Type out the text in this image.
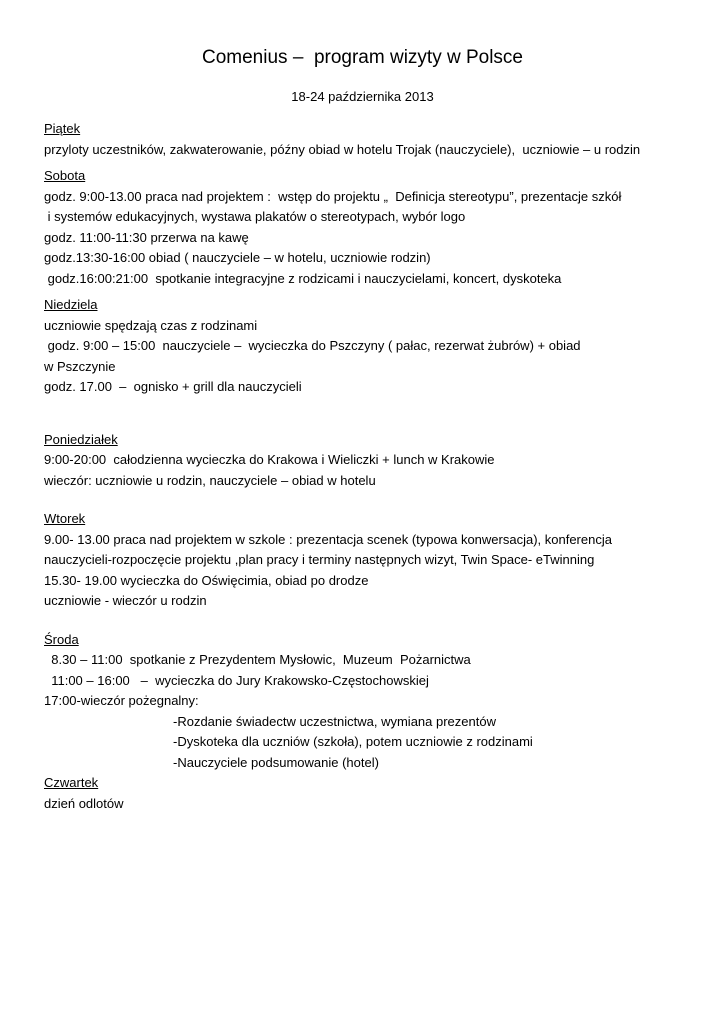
Comenius –  program wizyty w Polsce
18-24 października 2013
Piątek
przyloty uczestników, zakwaterowanie, późny obiad w hotelu Trojak (nauczyciele),  uczniowie – u rodzin
Sobota
godz. 9:00-13.00 praca nad projektem :  wstęp do projektu „  Definicja stereotypu”, prezentacje szkół
i systemów edukacyjnych, wystawa plakatów o stereotypach, wybór logo
godz. 11:00-11:30 przerwa na kawę
godz.13:30-16:00 obiad ( nauczyciele – w hotelu, uczniowie rodzin)
godz.16:00:21:00  spotkanie integracyjne z rodzicami i nauczycielami, koncert, dyskoteka
Niedziela
uczniowie spędzają czas z rodzinami
godz. 9:00 – 15:00  nauczyciele –  wycieczka do Pszczyny ( pałac, rezerwat żubrów) + obiad
w Pszczynie
godz. 17.00  –  ognisko + grill dla nauczycieli
Poniedziałek
9:00-20:00  całodzienna wycieczka do Krakowa i Wieliczki + lunch w Krakowie
wieczór: uczniowie u rodzin, nauczyciele – obiad w hotelu
Wtorek
9.00- 13.00 praca nad projektem w szkole : prezentacja scenek (typowa konwersacja), konferencja
nauczycieli-rozpoczęcie projektu ,plan pracy i terminy następnych wizyt, Twin Space- eTwinning
15.30- 19.00 wycieczka do Oświęcimia, obiad po drodze
uczniowie - wieczór u rodzin
Środa
8.30 – 11:00  spotkanie z Prezydentem Mysłowic,  Muzeum  Pożarnictwa
11:00 – 16:00   –  wycieczka do Jury Krakowsko-Częstochowskiej
17:00-wieczór pożegnalny:
-Rozdanie świadectw uczestnictwa, wymiana prezentów
-Dyskoteka dla uczniów (szkoła), potem uczniowie z rodzinami
-Nauczyciele podsumowanie (hotel)
Czwartek
dzień odlotów
